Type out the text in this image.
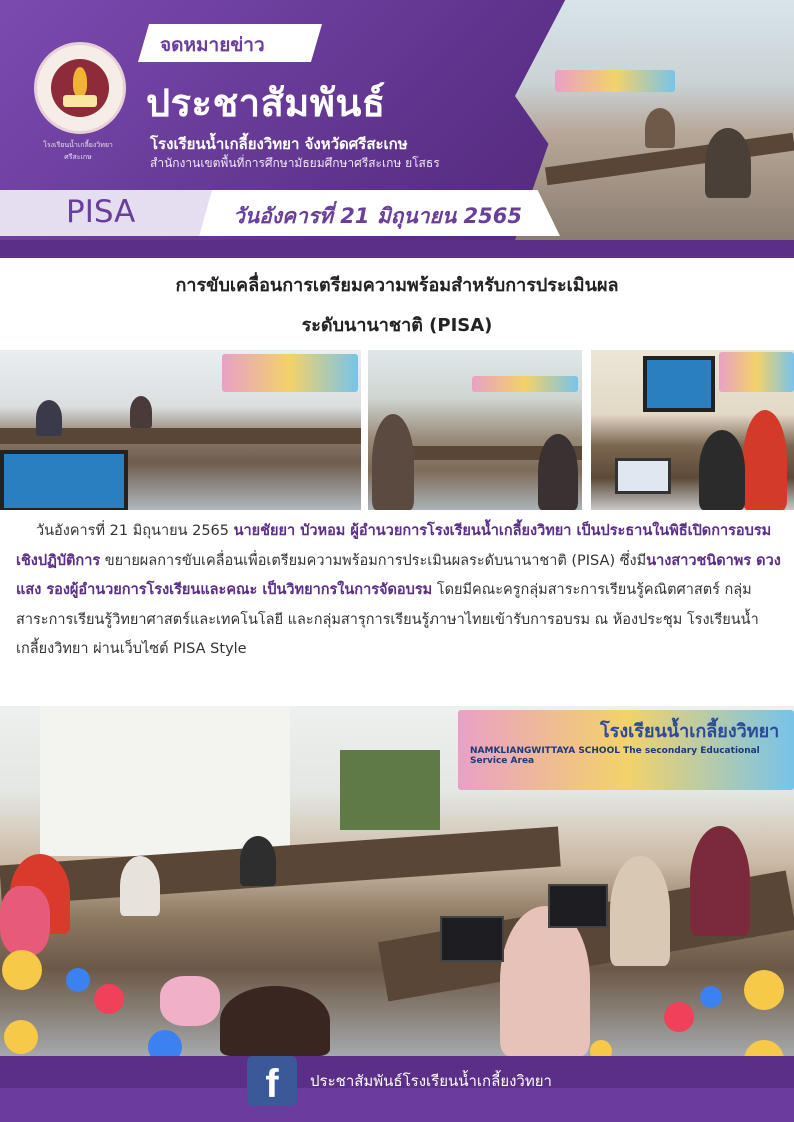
โรงเรียนน้ำเกลี้ยงวิทยา
ศรีสะเกษ
จดหมายข่าว
ประชาสัมพันธ์
โรงเรียนน้ำเกลี้ยงวิทยา จังหวัดศรีสะเกษ
สำนักงานเขตพื้นที่การศึกษามัธยมศึกษาศรีสะเกษ ยโสธร
PISA	วันอังคารที่ 21 มิถุนายน 2565
การขับเคลื่อนการเตรียมความพร้อมสำหรับการประเมินผล
ระดับนานาชาติ (PISA)
วันอังคารที่ 21 มิถุนายน 2565 นายชัยยา บัวหอม ผู้อำนวยการโรงเรียนน้ำเกลี้ยงวิทยา เป็นประธานในพิธีเปิดการอบรมเชิงปฏิบัติการ ขยายผลการขับเคลื่อนเพื่อเตรียมความพร้อมการประเมินผลระดับนานาชาติ (PISA) ซึ่งมีนางสาวชนิดาพร ดวงแสง รองผู้อำนวยการโรงเรียนและคณะ เป็นวิทยากรในการจัดอบรม โดยมีคณะครูกลุ่มสาระการเรียนรู้คณิตศาสตร์ กลุ่มสาระการเรียนรู้วิทยาศาสตร์และเทคโนโลยี และกลุ่มสารุการเรียนรู้ภาษาไทยเข้ารับการอบรม ณ ห้องประชุม โรงเรียนน้ำเกลี้ยงวิทยา ผ่านเว็บไซต์ PISA Style
NAMKLIANGWITTAYA SCHOOL The secondary Educational Service Area
โรงเรียนน้ำเกลี้ยงวิทยา
f	ประชาสัมพันธ์โรงเรียนน้ำเกลี้ยงวิทยา
